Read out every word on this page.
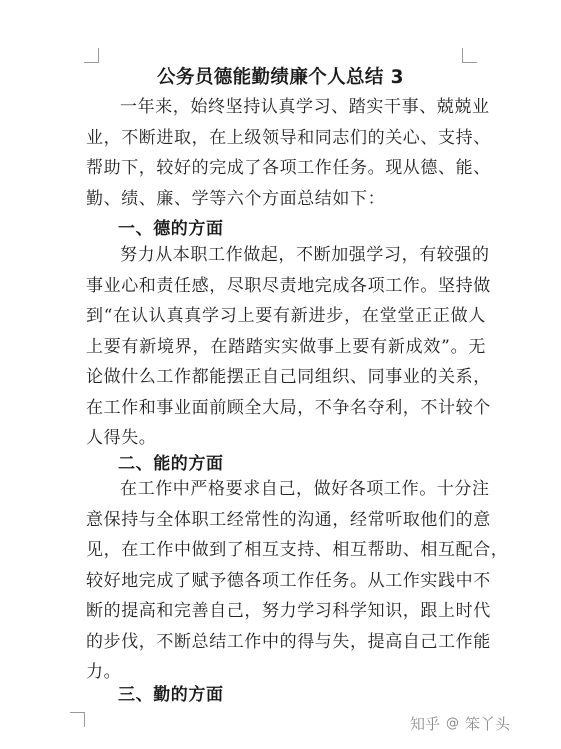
公务员德能勤绩廉个人总结 3
一年来，始终坚持认真学习、踏实干事、兢兢业
业，不断进取，在上级领导和同志们的关心、支持、
帮助下，较好的完成了各项工作任务。现从德、能、
勤、绩、廉、学等六个方面总结如下：
一、德的方面
努力从本职工作做起，不断加强学习，有较强的
事业心和责任感，尽职尽责地完成各项工作。坚持做
到“在认认真真学习上要有新进步，在堂堂正正做人
上要有新境界，在踏踏实实做事上要有新成效”。无
论做什么工作都能摆正自己同组织、同事业的关系，
在工作和事业面前顾全大局，不争名夺利，不计较个
人得失。
二、能的方面
在工作中严格要求自己，做好各项工作。十分注
意保持与全体职工经常性的沟通，经常听取他们的意
见，在工作中做到了相互支持、相互帮助、相互配合，
较好地完成了赋予德各项工作任务。从工作实践中不
断的提高和完善自己，努力学习科学知识，跟上时代
的步伐，不断总结工作中的得与失，提高自己工作能
力。
三、勤的方面
知乎 @ 笨丫头
